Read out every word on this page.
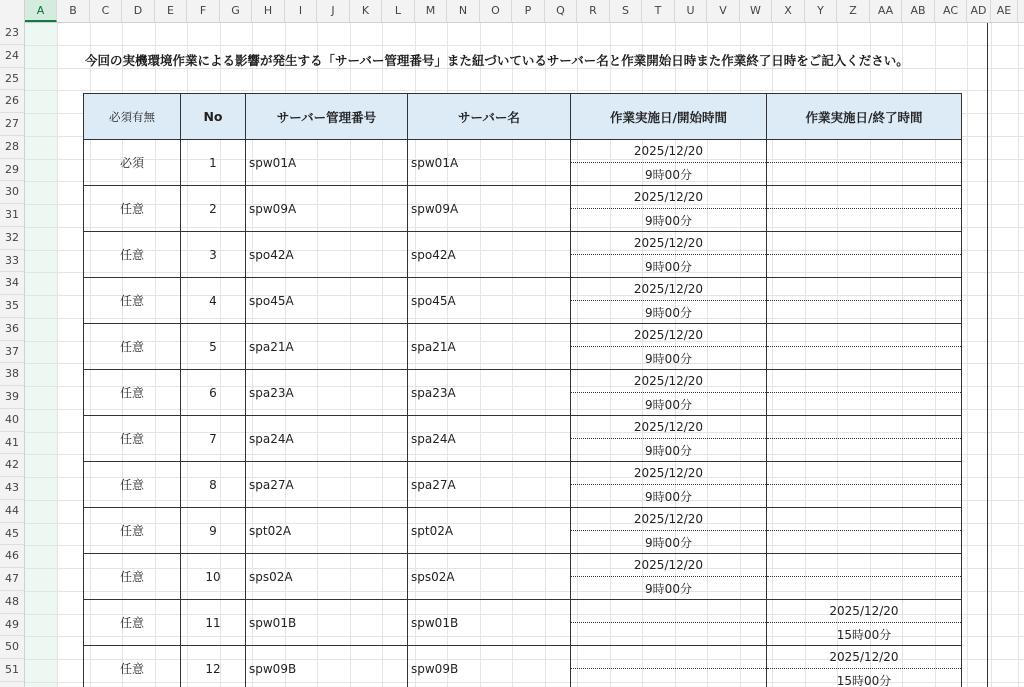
A	B	C	D	E	F	G	H	I	J	K	L	M	N	O	P	Q	R	S	T	U	V	W	X	Y	Z	AA	AB	AC	AD AE
23
24
25
26
27
28
29
30
31
32
33
34
35
36
37
38
39
40
41
42
43
44
45
46
47
48
49
50
51
今回の実機環境作業による影響が発生する「サーバー管理番号」また紐づいているサーバー名と作業開始日時また作業終了日時をご記入ください。
必須有無	No	サーバー管理番号	サーバー名	作業実施日/開始時間	作業実施日/終了時間
必須	1	spw01A	spw01A	2025/12/20	
				9時00分	
任意	2	spw09A	spw09A	2025/12/20	
				9時00分	
任意	3	spo42A	spo42A	2025/12/20	
				9時00分	
任意	4	spo45A	spo45A	2025/12/20	
				9時00分	
任意	5	spa21A	spa21A	2025/12/20	
				9時00分	
任意	6	spa23A	spa23A	2025/12/20	
				9時00分	
任意	7	spa24A	spa24A	2025/12/20	
				9時00分	
任意	8	spa27A	spa27A	2025/12/20	
				9時00分	
任意	9	spt02A	spt02A	2025/12/20	
				9時00分	
任意	10	sps02A	sps02A	2025/12/20	
				9時00分	
任意	11	spw01B	spw01B		2025/12/20
					15時00分
任意	12	spw09B	spw09B		2025/12/20
					15時00分
